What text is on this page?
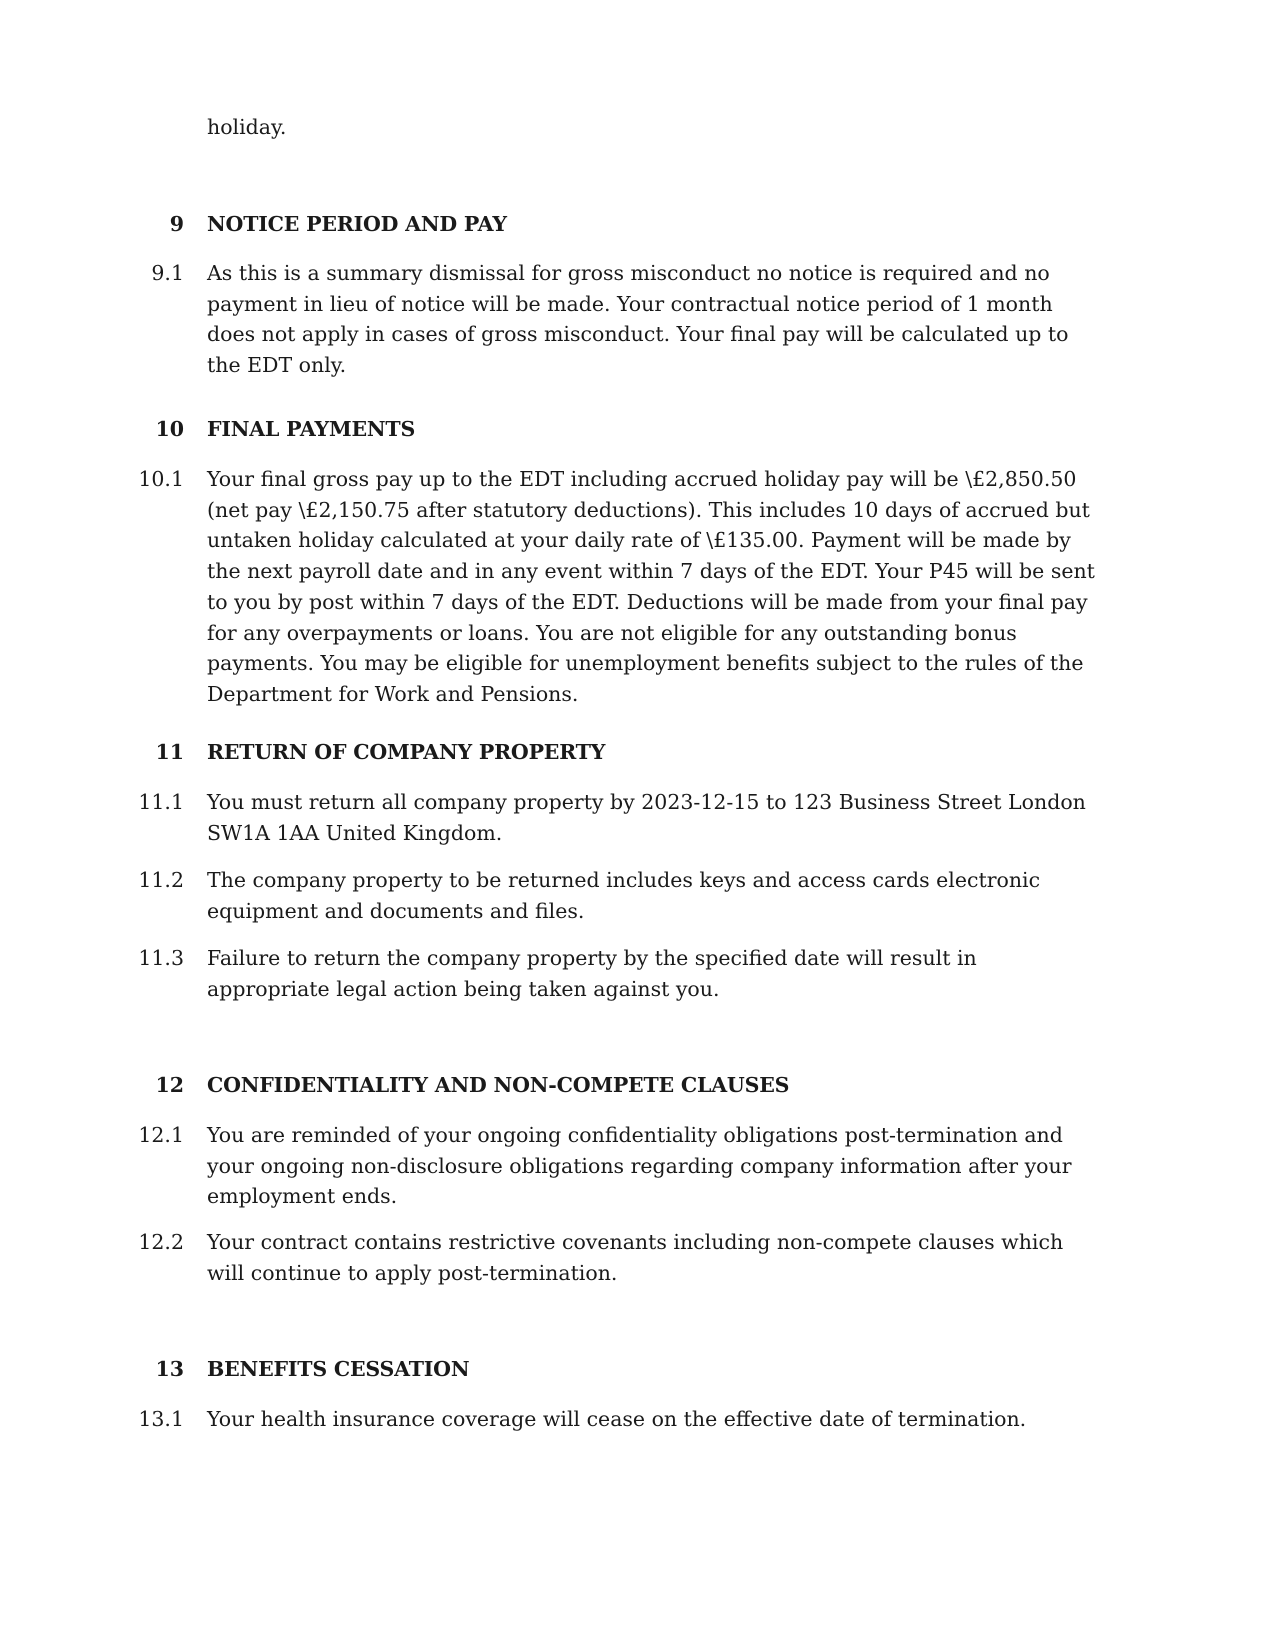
holiday.
9 NOTICE PERIOD AND PAY
9.1 As this is a summary dismissal for gross misconduct no notice is required and no payment in lieu of notice will be made. Your contractual notice period of 1 month does not apply in cases of gross misconduct. Your final pay will be calculated up to the EDT only.
10 FINAL PAYMENTS
10.1 Your final gross pay up to the EDT including accrued holiday pay will be \£2,850.50 (net pay \£2,150.75 after statutory deductions). This includes 10 days of accrued but untaken holiday calculated at your daily rate of \£135.00. Payment will be made by the next payroll date and in any event within 7 days of the EDT. Your P45 will be sent to you by post within 7 days of the EDT. Deductions will be made from your final pay for any overpayments or loans. You are not eligible for any outstanding bonus payments. You may be eligible for unemployment benefits subject to the rules of the Department for Work and Pensions.
11 RETURN OF COMPANY PROPERTY
11.1 You must return all company property by 2023-12-15 to 123 Business Street London SW1A 1AA United Kingdom.
11.2 The company property to be returned includes keys and access cards electronic equipment and documents and files.
11.3 Failure to return the company property by the specified date will result in appropriate legal action being taken against you.
12 CONFIDENTIALITY AND NON-COMPETE CLAUSES
12.1 You are reminded of your ongoing confidentiality obligations post-termination and your ongoing non-disclosure obligations regarding company information after your employment ends.
12.2 Your contract contains restrictive covenants including non-compete clauses which will continue to apply post-termination.
13 BENEFITS CESSATION
13.1 Your health insurance coverage will cease on the effective date of termination.
